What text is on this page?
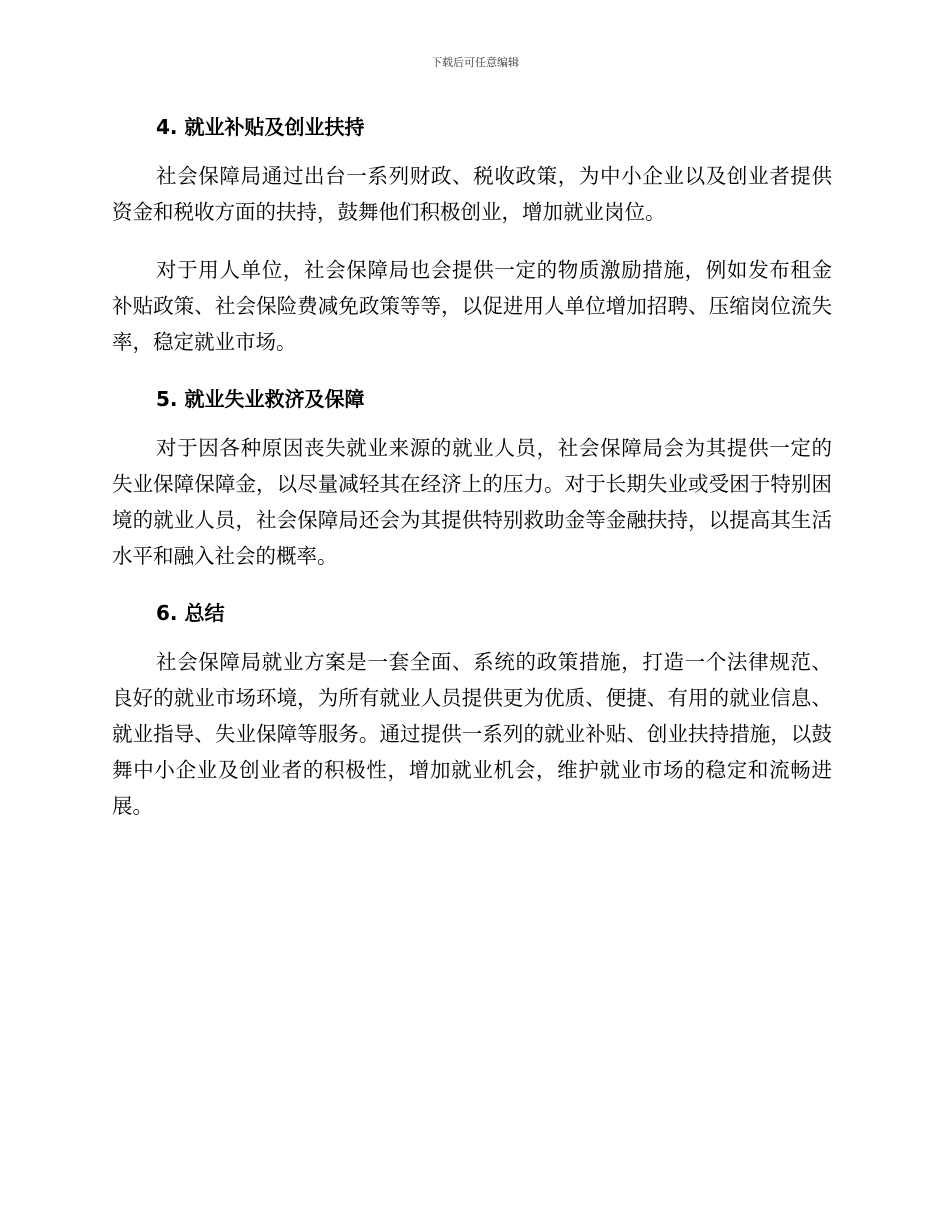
下载后可任意编辑
4. 就业补贴及创业扶持

社会保障局通过出台一系列财政、税收政策，为中小企业以及创业者提供资金和税收方面的扶持，鼓舞他们积极创业，增加就业岗位。

对于用人单位，社会保障局也会提供一定的物质激励措施，例如发布租金补贴政策、社会保险费减免政策等等，以促进用人单位增加招聘、压缩岗位流失率，稳定就业市场。

5. 就业失业救济及保障

对于因各种原因丧失就业来源的就业人员，社会保障局会为其提供一定的失业保障保障金，以尽量减轻其在经济上的压力。对于长期失业或受困于特别困境的就业人员，社会保障局还会为其提供特别救助金等金融扶持，以提高其生活水平和融入社会的概率。

6. 总结

社会保障局就业方案是一套全面、系统的政策措施，打造一个法律规范、良好的就业市场环境，为所有就业人员提供更为优质、便捷、有用的就业信息、就业指导、失业保障等服务。通过提供一系列的就业补贴、创业扶持措施，以鼓舞中小企业及创业者的积极性，增加就业机会，维护就业市场的稳定和流畅进展。
